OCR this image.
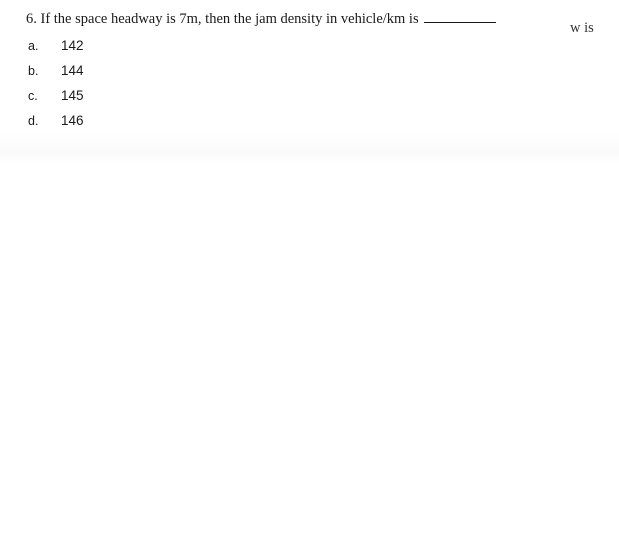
6. If the space headway is 7m, then the jam density in vehicle/km is
w is
a. 142
b. 144
c. 145
d. 146
